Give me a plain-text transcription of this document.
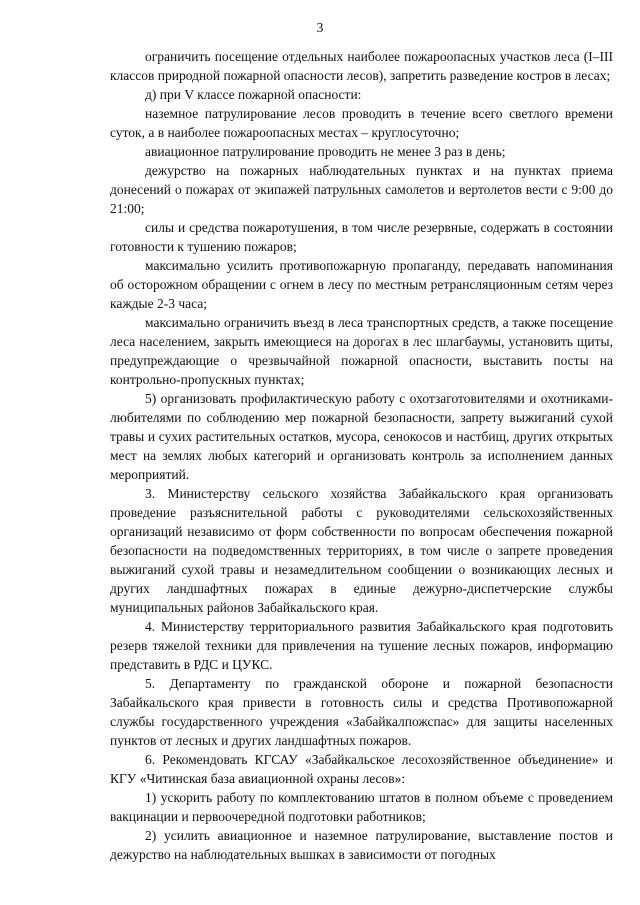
3

ограничить посещение отдельных наиболее пожароопасных участков леса (I–III классов природной пожарной опасности лесов), запретить разведение костров в лесах;

д) при V классе пожарной опасности:

наземное патрулирование лесов проводить в течение всего светлого времени суток, а в наиболее пожароопасных местах – круглосуточно;

авиационное патрулирование проводить не менее 3 раз в день;

дежурство на пожарных наблюдательных пунктах и на пунктах приема донесений о пожарах от экипажей патрульных самолетов и вертолетов вести с 9:00 до 21:00;

силы и средства пожаротушения, в том числе резервные, содержать в состоянии готовности к тушению пожаров;

максимально усилить противопожарную пропаганду, передавать напоминания об осторожном обращении с огнем в лесу по местным ретрансляционным сетям через каждые 2-3 часа;

максимально ограничить въезд в леса транспортных средств, а также посещение леса населением, закрыть имеющиеся на дорогах в лес шлагбаумы, установить щиты, предупреждающие о чрезвычайной пожарной опасности, выставить посты на контрольно-пропускных пунктах;

5) организовать профилактическую работу с охотзаготовителями и охотниками-любителями по соблюдению мер пожарной безопасности, запрету выжиганий сухой травы и сухих растительных остатков, мусора, сенокосов и настбищ, других открытых мест на землях любых категорий и организовать контроль за исполнением данных мероприятий.

3. Министерству сельского хозяйства Забайкальского края организовать проведение разъяснительной работы с руководителями сельскохозяйственных организаций независимо от форм собственности по вопросам обеспечения пожарной безопасности на подведомственных территориях, в том числе о запрете проведения выжиганий сухой травы и незамедлительном сообщении о возникающих лесных и других ландшафтных пожарах в единые дежурно-диспетчерские службы муниципальных районов Забайкальского края.

4. Министерству территориального развития Забайкальского края подготовить резерв тяжелой техники для привлечения на тушение лесных пожаров, информацию представить в РДС и ЦУКС.

5. Департаменту по гражданской обороне и пожарной безопасности Забайкальского края привести в готовность силы и средства Противопожарной службы государственного учреждения «Забайкалпожспас» для защиты населенных пунктов от лесных и других ландшафтных пожаров.

6. Рекомендовать КГСАУ «Забайкальское лесохозяйственное объединение» и КГУ «Читинская база авиационной охраны лесов»:

1) ускорить работу по комплектованию штатов в полном объеме с проведением вакцинации и первоочередной подготовки работников;

2) усилить авиационное и наземное патрулирование, выставление постов и дежурство на наблюдательных вышках в зависимости от погодных
